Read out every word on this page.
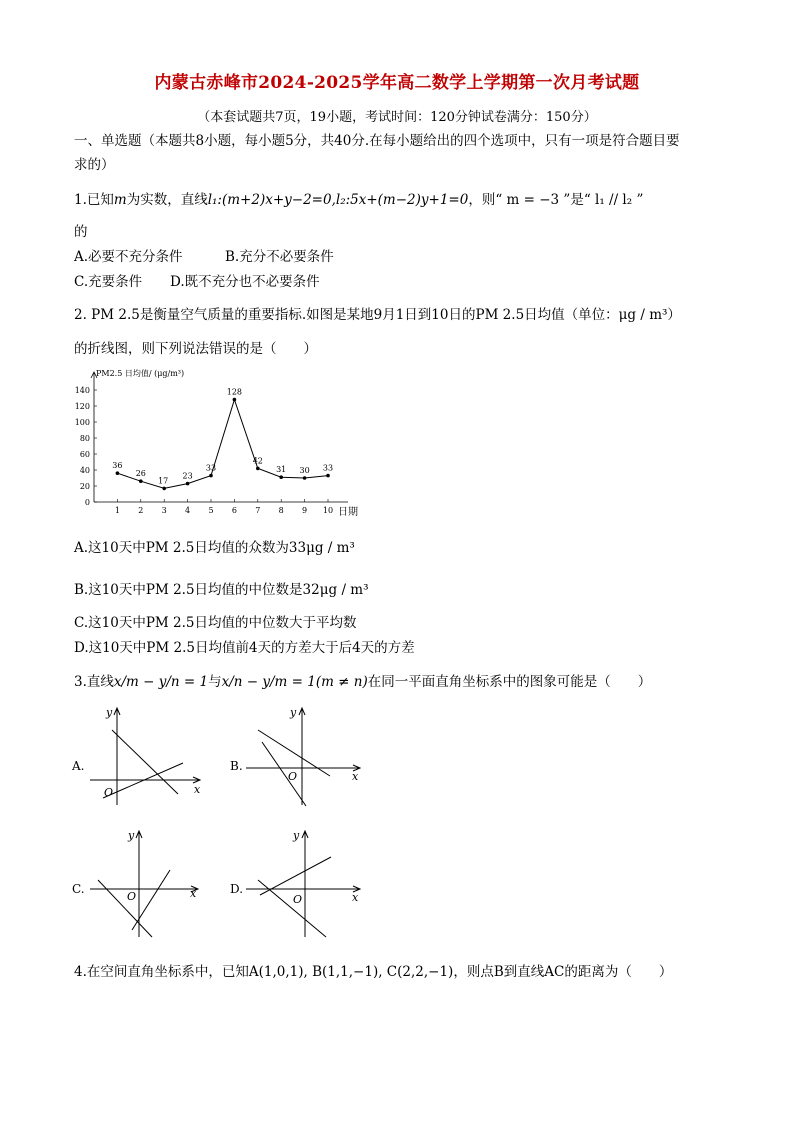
内蒙古赤峰市2024-2025学年高二数学上学期第一次月考试题
（本套试题共7页，19小题，考试时间：120分钟试卷满分：150分）
一、单选题（本题共8小题，每小题5分，共40分.在每小题给出的四个选项中，只有一项是符合题目要
求的）
1.已知m为实数，直线l₁:(m+2)x+y−2=0,l₂:5x+(m−2)y+1=0，则“ m = −3 ”是“ l₁ // l₂ ”
的
A.必要不充分条件	B.充分不必要条件
C.充要条件 D.既不充分也不必要条件
2. PM 2.5是衡量空气质量的重要指标.如图是某地9月1日到10日的PM 2.5日均值（单位：μg / m³）
的折线图，则下列说法错误的是（　　）
PM2.5 日均值/ (μg/m³)
日期
0
20
40
60
80
100
120
140
1 2 3 4 5 6 7 8 9 10
36
26
17
23
33
128
42
31 30 33
A.这10天中PM 2.5日均值的众数为33μg / m³
B.这10天中PM 2.5日均值的中位数是32μg / m³
C.这10天中PM 2.5日均值的中位数大于平均数
D.这10天中PM 2.5日均值前4天的方差大于后4天的方差
3.直线x/m − y/n = 1与x/n − y/m = 1(m ≠ n)在同一平面直角坐标系中的图象可能是（　　）
A.
x
y
O
B.
x
y
O
C.	x
y
O
D.
x
y
O
4.在空间直角坐标系中，已知A(1,0,1), B(1,1,−1), C(2,2,−1)，则点B到直线AC的距离为（　　）
